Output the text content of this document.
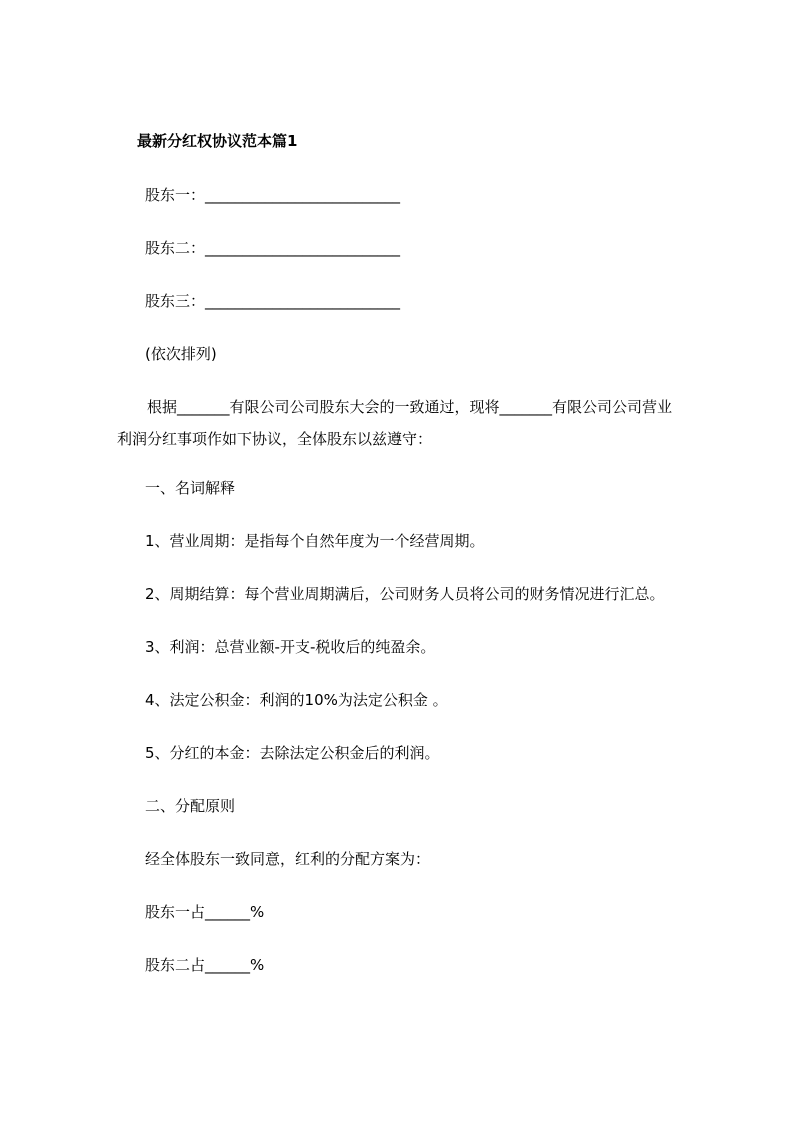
最新分红权协议范本篇1
股东一：__________________________
股东二：__________________________
股东三：__________________________
(依次排列)
根据_______有限公司公司股东大会的一致通过，现将_______有限公司公司营业利润分红事项作如下协议，全体股东以兹遵守：
一、名词解释
1、营业周期：是指每个自然年度为一个经营周期。
2、周期结算：每个营业周期满后，公司财务人员将公司的财务情况进行汇总。
3、利润：总营业额-开支-税收后的纯盈余。
4、法定公积金：利润的10%为法定公积金 。
5、分红的本金：去除法定公积金后的利润。
二、分配原则
经全体股东一致同意，红利的分配方案为：
股东一占______%
股东二占______%
